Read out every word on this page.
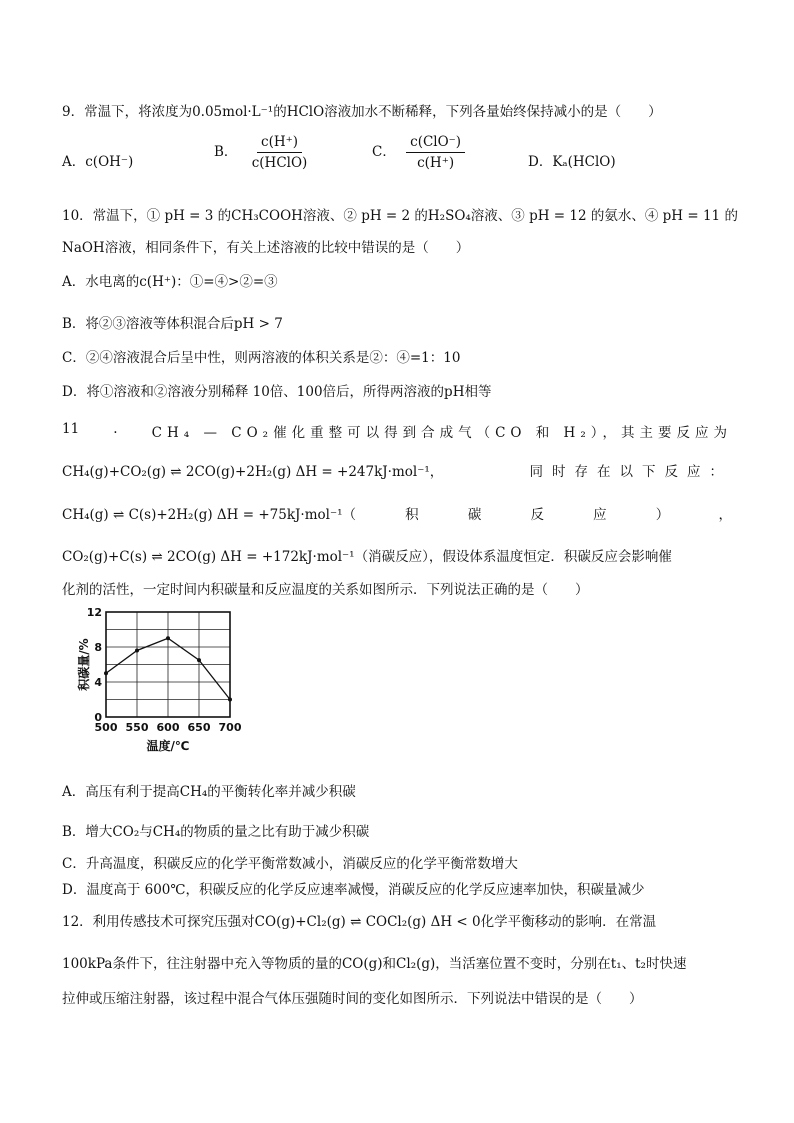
9．常温下，将浓度为0.05mol·L⁻¹的HClO溶液加水不断稀释，下列各量始终保持减小的是（　　）
A．c(OH⁻)
B． $\frac{c(H^+)}{\text{c(HClO)}}$	C． $\frac{\text{c(ClO⁻)}}{c(H^+)}$	D．Kₐ(HClO)
10．常温下，① pH = 3 的CH₃COOH溶液、② pH = 2 的H₂SO₄溶液、③ pH = 12 的氨水、④ pH = 11 的
NaOH溶液，相同条件下，有关上述溶液的比较中错误的是（　　）
A．水电离的c(H⁺)：①=④>②=③
B．将②③溶液等体积混合后pH > 7
C．②④溶液混合后呈中性，则两溶液的体积关系是②：④=1：10
D．将①溶液和②溶液分别稀释 10倍、100倍后，所得两溶液的pH相等
11	.	CH₄ — CO₂催化重整可以得到合成气（CO 和 H₂），其主要反应为
CH₄(g)+CO₂(g) ⇌ 2CO(g)+2H₂(g) ΔH = +247kJ·mol⁻¹，	同时存在以下反应：
CH₄(g) ⇌ C(s)+2H₂(g) ΔH = +75kJ·mol⁻¹（	积	碳	反	应	）	，
CO₂(g)+C(s) ⇌ 2CO(g) ΔH = +172kJ·mol⁻¹（消碳反应），假设体系温度恒定．积碳反应会影响催
化剂的活性，一定时间内积碳量和反应温度的关系如图所示．下列说法正确的是（　　）
0
4
8
12
500 550 600 650 700
温度/℃
积碳量/%
A．高压有利于提高CH₄的平衡转化率并减少积碳
B．增大CO₂与CH₄的物质的量之比有助于减少积碳
C．升高温度，积碳反应的化学平衡常数减小，消碳反应的化学平衡常数增大
D．温度高于 600℃，积碳反应的化学反应速率减慢，消碳反应的化学反应速率加快，积碳量减少
12．利用传感技术可探究压强对CO(g)+Cl₂(g) ⇌ COCl₂(g) ΔH < 0化学平衡移动的影响．在常温
100kPa条件下，往注射器中充入等物质的量的CO(g)和Cl₂(g)，当活塞位置不变时，分别在t₁、t₂时快速
拉伸或压缩注射器，该过程中混合气体压强随时间的变化如图所示．下列说法中错误的是（　　）
